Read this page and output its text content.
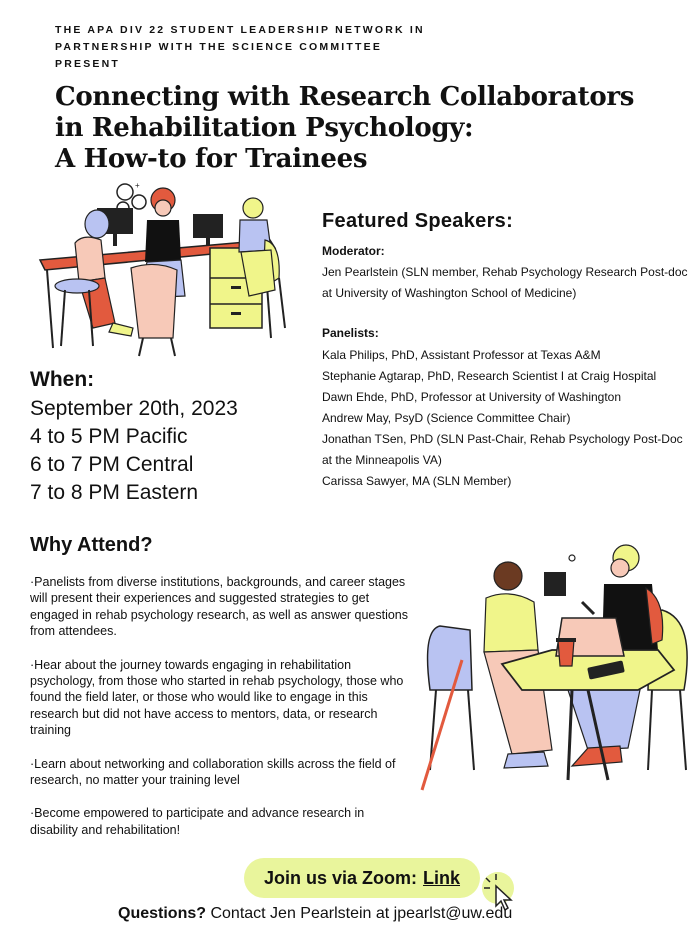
THE APA DIV 22 STUDENT LEADERSHIP NETWORK IN
PARTNERSHIP WITH THE SCIENCE COMMITTEE
PRESENT
Connecting with Research Collaborators
in Rehabilitation Psychology:
A How-to for Trainees
+
Featured Speakers:
Moderator:
Jen Pearlstein (SLN member, Rehab Psychology Research Post-doc at University of Washington School of Medicine)
Panelists:
Kala Philips, PhD, Assistant Professor at Texas A&M
Stephanie Agtarap, PhD, Research Scientist I at Craig Hospital
Dawn Ehde, PhD, Professor at University of Washington
Andrew May, PsyD (Science Committee Chair)
Jonathan TSen, PhD (SLN Past-Chair, Rehab Psychology Post-Doc
at the Minneapolis VA)
Carissa Sawyer, MA (SLN Member)
When:
September 20th, 2023
4 to 5 PM Pacific
6 to 7 PM Central
7 to 8 PM Eastern
Why Attend?

·Panelists from diverse institutions, backgrounds, and career stages will present their experiences and suggested strategies to get engaged in rehab psychology research, as well as answer questions from attendees.

·Hear about the journey towards engaging in rehabilitation psychology, from those who started in rehab psychology, those who found the field later, or those who would like to engage in this research but did not have access to mentors, data, or research training

·Learn about networking and collaboration skills across the field of research, no matter your training level

·Become empowered to participate and advance research in disability and rehabilitation!

Join us via Zoom: Link
Questions? Contact Jen Pearlstein at jpearlst@uw.edu
